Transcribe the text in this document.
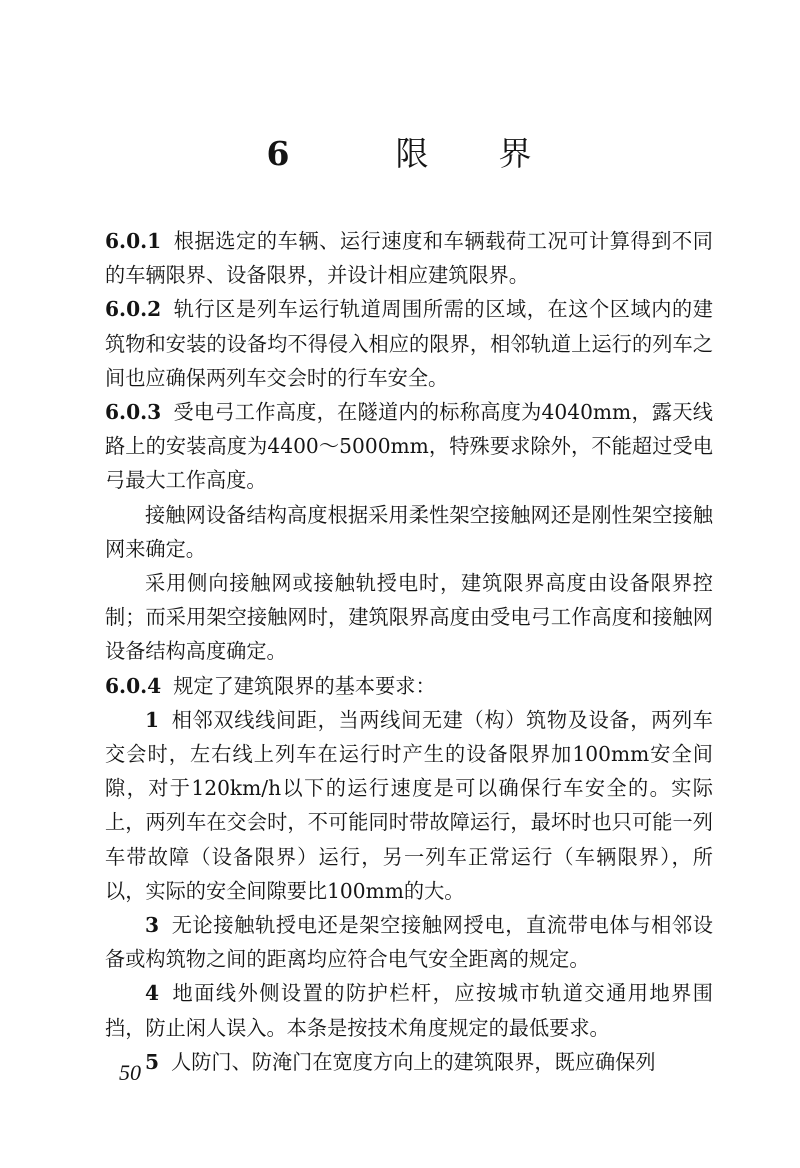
6	限 界

6.0.1 根据选定的车辆、运行速度和车辆载荷工况可计算得到不同的车辆限界、设备限界，并设计相应建筑限界。

6.0.2 轨行区是列车运行轨道周围所需的区域，在这个区域内的建筑物和安装的设备均不得侵入相应的限界，相邻轨道上运行的列车之间也应确保两列车交会时的行车安全。

6.0.3 受电弓工作高度，在隧道内的标称高度为4040mm，露天线路上的安装高度为4400～5000mm，特殊要求除外，不能超过受电弓最大工作高度。

接触网设备结构高度根据采用柔性架空接触网还是刚性架空接触网来确定。

采用侧向接触网或接触轨授电时，建筑限界高度由设备限界控制；而采用架空接触网时，建筑限界高度由受电弓工作高度和接触网设备结构高度确定。

6.0.4 规定了建筑限界的基本要求：

1 相邻双线线间距，当两线间无建（构）筑物及设备，两列车交会时，左右线上列车在运行时产生的设备限界加100mm安全间隙，对于120km/h以下的运行速度是可以确保行车安全的。实际上，两列车在交会时，不可能同时带故障运行，最坏时也只可能一列车带故障（设备限界）运行，另一列车正常运行（车辆限界），所以，实际的安全间隙要比100mm的大。

3 无论接触轨授电还是架空接触网授电，直流带电体与相邻设备或构筑物之间的距离均应符合电气安全距离的规定。

4 地面线外侧设置的防护栏杆，应按城市轨道交通用地界围挡，防止闲人误入。本条是按技术角度规定的最低要求。

5 人防门、防淹门在宽度方向上的建筑限界，既应确保列

50
